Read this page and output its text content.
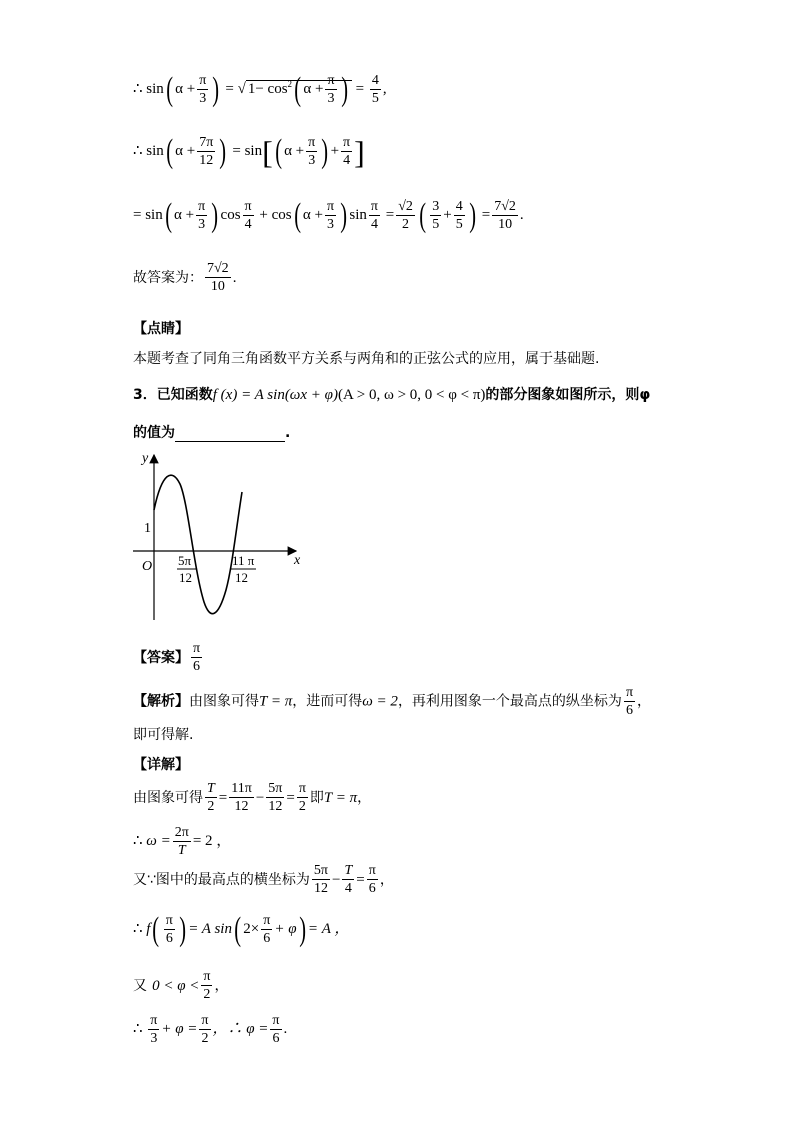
∴ sin( $\alpha + \frac{\pi}{3}$ ) = √ $1- \cos^2$( $\alpha + \frac{\pi}{3}$ ) = $\frac{4}{5}$ ,
∴ sin( $\alpha + \frac{7\pi}{12}$ ) = sin[( $\alpha + \frac{\pi}{3}$ ) + $\frac{\pi}{4}$ ]
= sin( $\alpha + \frac{\pi}{3}$ ) $\cos \frac{\pi}{4} + \cos$( $\alpha + \frac{\pi}{3}$ ) $\sin \frac{\pi}{4} = \frac{√2}{2}$ ( $\frac{3}{5} + \frac{4}{5}$ ) = $\frac{7√2}{10}$ .
故答案为： $\frac{7√2}{10}$ .
【点睛】
本题考查了同角三角函数平方关系与两角和的正弦公式的应用，属于基础题.
3．已知函数f (x) = A sin(ωx + φ)(A > 0, ω > 0, 0 < φ < π)的部分图象如图所示，则φ
的值为	.
y
x
O
1
5π
12
11 π
12
【答案】 $\frac{\pi}{6}$
【解析】由图象可得T = π，进而可得ω = 2，再利用图象一个最高点的纵坐标为 $\frac{\pi}{6}$ ，
即可得解.
【详解】
由图象可得 $\frac{T}{2} = \frac{11\pi}{12} - \frac{5\pi}{12} = \frac{\pi}{2}$ 即T = π，
∴ $\omega = \frac{2\pi}{T} = 2$ ，
又∵图中的最高点的横坐标为 $\frac{5\pi}{12} - \frac{T}{4} = \frac{\pi}{6}$ ，
∴ $f( \frac{\pi}{6}$ ) = A sin( $2\times \frac{\pi}{6} + \varphi) = A$ ，
又 $0 < \varphi < \frac{\pi}{2}$ ，
∴ $\frac{\pi}{3} + \varphi = \frac{\pi}{2}$ ，∴ $\varphi = \frac{\pi}{6}$ .
